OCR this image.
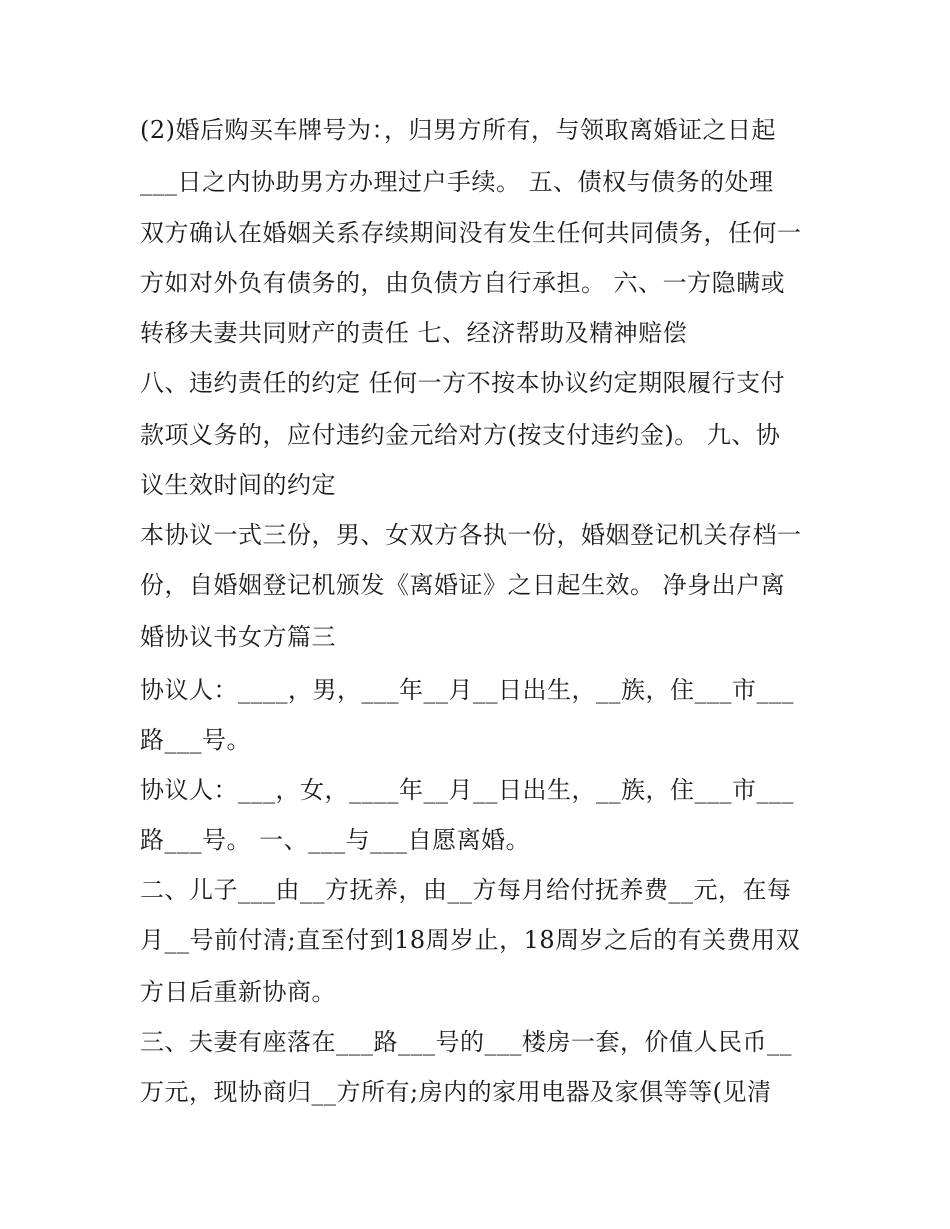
(2)婚后购买车牌号为：，归男方所有，与领取离婚证之日起
___日之内协助男方办理过户手续。 五、债权与债务的处理
双方确认在婚姻关系存续期间没有发生任何共同债务，任何一
方如对外负有债务的，由负债方自行承担。 六、一方隐瞒或
转移夫妻共同财产的责任 七、经济帮助及精神赔偿
八、违约责任的约定 任何一方不按本协议约定期限履行支付
款项义务的，应付违约金元给对方(按支付违约金)。 九、协
议生效时间的约定
本协议一式三份，男、女双方各执一份，婚姻登记机关存档一
份，自婚姻登记机颁发《离婚证》之日起生效。 净身出户离
婚协议书女方篇三
协议人：____，男，___年__月__日出生，__族，住___市___
路___号。
协议人：___，女，____年__月__日出生，__族，住___市___
路___号。 一、___与___自愿离婚。
二、儿子___由__方抚养，由__方每月给付抚养费__元，在每
月__号前付清;直至付到18周岁止，18周岁之后的有关费用双
方日后重新协商。
三、夫妻有座落在___路___号的___楼房一套，价值人民币__
万元，现协商归__方所有;房内的家用电器及家俱等等(见清
